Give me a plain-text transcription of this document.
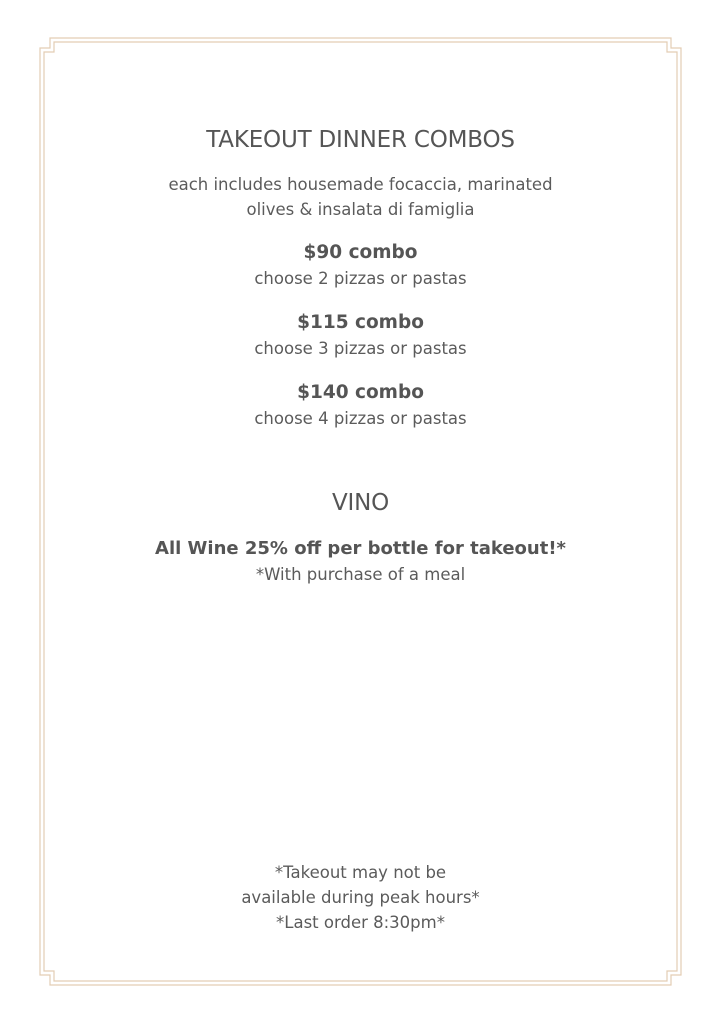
TAKEOUT DINNER COMBOS

each includes housemade focaccia, marinated

olives & insalata di famiglia

$90 combo

choose 2 pizzas or pastas

$115 combo

choose 3 pizzas or pastas

$140 combo

choose 4 pizzas or pastas

VINO

All Wine 25% off per bottle for takeout!*

*With purchase of a meal

*Takeout may not be

available during peak hours*

*Last order 8:30pm*
